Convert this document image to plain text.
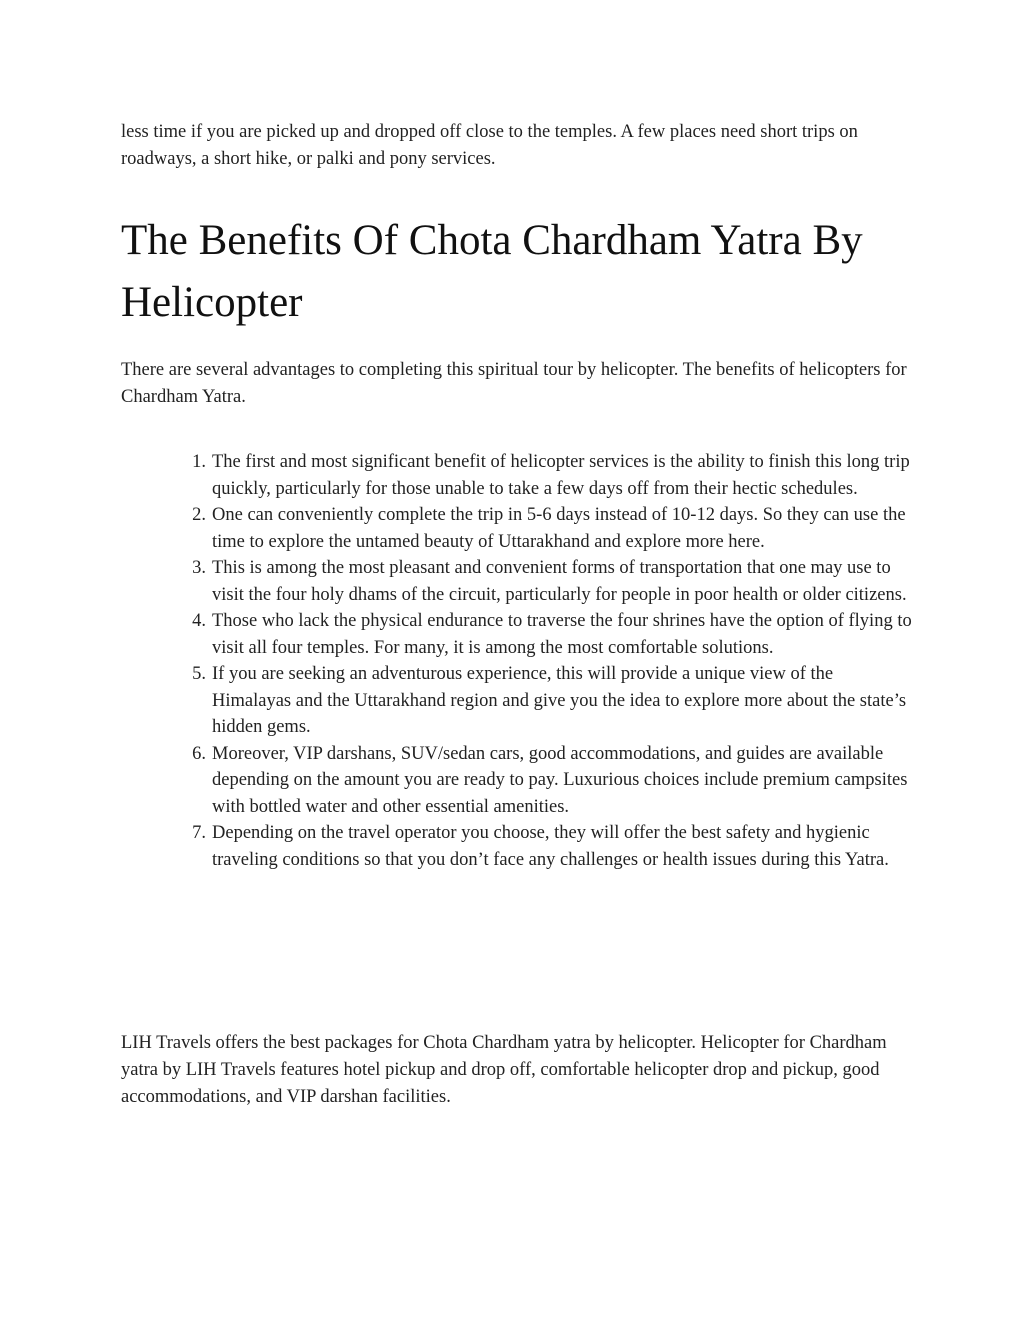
less time if you are picked up and dropped off close to the temples. A few places need short trips on roadways, a short hike, or palki and pony services.

The Benefits Of Chota Chardham Yatra By Helicopter

There are several advantages to completing this spiritual tour by helicopter. The benefits of helicopters for Chardham Yatra.

1. The first and most significant benefit of helicopter services is the ability to finish this long trip quickly, particularly for those unable to take a few days off from their hectic schedules.
2. One can conveniently complete the trip in 5-6 days instead of 10-12 days. So they can use the time to explore the untamed beauty of Uttarakhand and explore more here.
3. This is among the most pleasant and convenient forms of transportation that one may use to visit the four holy dhams of the circuit, particularly for people in poor health or older citizens.
4. Those who lack the physical endurance to traverse the four shrines have the option of flying to visit all four temples. For many, it is among the most comfortable solutions.
5. If you are seeking an adventurous experience, this will provide a unique view of the Himalayas and the Uttarakhand region and give you the idea to explore more about the state’s hidden gems.
6. Moreover, VIP darshans, SUV/sedan cars, good accommodations, and guides are available depending on the amount you are ready to pay. Luxurious choices include premium campsites with bottled water and other essential amenities.
7. Depending on the travel operator you choose, they will offer the best safety and hygienic traveling conditions so that you don’t face any challenges or health issues during this Yatra.

LIH Travels offers the best packages for Chota Chardham yatra by helicopter. Helicopter for Chardham yatra by LIH Travels features hotel pickup and drop off, comfortable helicopter drop and pickup, good accommodations, and VIP darshan facilities.
